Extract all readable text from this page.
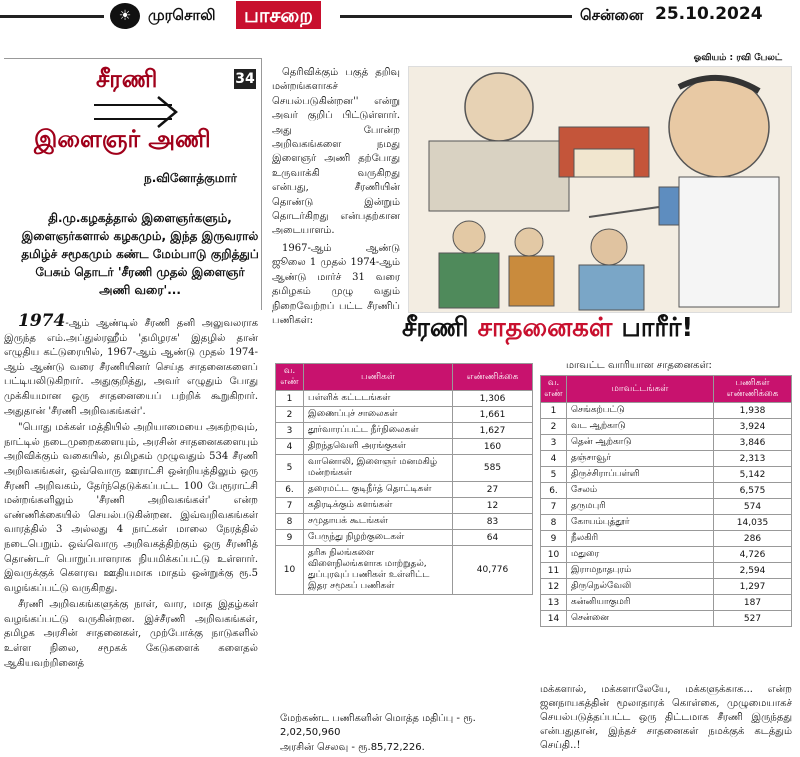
☀	முரசொலி	பாசறை	சென்னை 25.10.2024
ஓவியம் : ரவி பேலட்
சீரணி	34
இளைஞர் அணி
ந.வினோத்குமார்
தி.மு.கழகத்தால் இளைஞர்களும், இளைஞர்களால் கழகமும், இந்த இருவரால் தமிழ்ச் சமூகமும் கண்ட மேம்பாடு குறித்துப் பேசும் தொடர் 'சீரணி முதல் இளைஞர் அணி வரை'...

1974-ஆம் ஆண்டில் சீரணி தனி அலுவலராக இருந்த எம்.அப்துல்ரஹீம் 'தமிழரசு' இதழில் தான் எழுதிய கட்டுரையில், 1967-ஆம் ஆண்டு முதல் 1974-ஆம் ஆண்டு வரை சீரணியினர் செய்த சாதனைகளைப் பட்டியலிடுகிறார். அதுகுறித்து, அவர் எழுதும் போது முக்கியமான ஒரு சாதனையைப் பற்றிக் கூறுகிறார். அதுதான் 'சீரணி அறிவகங்கள்'.

"பொது மக்கள் மத்தியில் அறியாமையை அகற்றவும், நாட்டில் நடைமுறைகளையும், அரசின் சாதனைகளையும் அறிவிக்கும் வகையில், தமிழகம் முழுவதும் 534 சீரணி அறிவகங்கள், ஒவ்வொரு ஊராட்சி ஒன்றியத்திலும் ஒரு சீரணி அறிவகம், தேர்ந்தெடுக்கப்பட்ட 100 பேரூராட்சி மன்றங்களிலும் 'சீரணி அறிவகங்கள்' என்ற எண்ணிக்கையில் செயல்படுகின்றன. இவ்வறிவகங்கள் வாரத்தில் 3 அல்லது 4 நாட்கள் மாலை நேரத்தில் நடைபெறும். ஒவ்வொரு அறிவகத்திற்கும் ஒரு சீரணித் தொண்டர் பொறுப்பாளராக நியமிக்கப்பட்டு உள்ளார். இவருக்குக் கௌரவ ஊதியமாக மாதம் ஒன்றுக்கு ரூ.5 வழங்கப்பட்டு வருகிறது.

சீரணி அறிவகங்களுக்கு நாள், வார, மாத இதழ்கள் வழங்கப்பட்டு வருகின்றன. இச்சீரணி அறிவகங்கள், தமிழக அரசின் சாதனைகள், முற்போக்கு நாடுகளில் உள்ள நிலை, சமூகக் கேடுகளைக் களைதல் ஆகியவற்றினைத்

தெரிவிக்கும் பகுத் தறிவு மன்றங்களாகச் செயல்படுகின்றன'' என்று அவர் குறிப் பிட்டுள்ளார். அது போன்ற அறிவகங்களை நமது இளைஞர் அணி தற்போது உருவாக்கி வருகிறது என்பது, சீரணியின் தொண்டு இன்றும் தொடர்கிறது என்பதற்கான அடையாளம்.

1967-ஆம் ஆண்டு ஜூலை 1 முதல் 1974-ஆம் ஆண்டு மார்ச் 31 வரை தமிழகம் முழு வதும் நிறைவேற்றப் பட்ட சீரணிப் பணிகள்:	சீரணி சாதனைகள் பாரீர்!
வ. எண்	பணிகள்	எண்ணிக்கை
1	பள்ளிக் கட்டடங்கள்	1,306
2	இணைப்புச் சாலைகள்	1,661
3	தூர்வாரப்பட்ட நீர்நிலைகள்	1,627
4	திறந்தவெளி அரங்குகள்	160
5	வானொலி, இளைஞர் மனமகிழ் மன்றங்கள்	585
6.	தரைமட்ட குடிநீர்த் தொட்டிகள்	27
7	கதிரடிக்கும் களங்கள்	12
8	சமுதாயக் கூடங்கள்	83
9	பேருந்து நிழற்குடைகள்	64
10	தரிசு நிலங்களை விளைநிலங்களாக மாற்றுதல், துப்புரவுப் பணிகள் உள்ளிட்ட இதர சமூகப் பணிகள்	40,776
மாவட்ட வாரியான சாதனைகள்:
வ. எண்	மாவட்டங்கள்	பணிகள் எண்ணிக்கை
1	செங்கற்பட்டு	1,938
2	வட ஆற்காடு	3,924
3	தென் ஆற்காடு	3,846
4	தஞ்சாவூர்	2,313
5	திருச்சிராப்பள்ளி	5,142
6.	சேலம்	6,575
7	தருமபுரி	574
8	கோயம்புத்தூர்	14,035
9	நீலகிரி	286
10	மதுரை	4,726
11	இராமநாதபுரம்	2,594
12	திருநெல்வேலி	1,297
13	கன்னியாகுமரி	187
14	சென்னை	527
மேற்கண்ட பணிகளின் மொத்த மதிப்பு - ரூ. 2,02,50,960
அரசின் செலவு - ரூ.85,72,226.
மக்களால், மக்களாலேயே, மக்களுக்காக... என்ற ஜனநாயகத்தின் மூலாதாரக் கொள்கை, முழுமையாகச் செயல்படுத்தப்பட்ட ஒரு திட்டமாக சீரணி இருந்தது என்பதுதான், இந்தச் சாதனைகள் நமக்குக் கடத்தும் செய்தி..!
